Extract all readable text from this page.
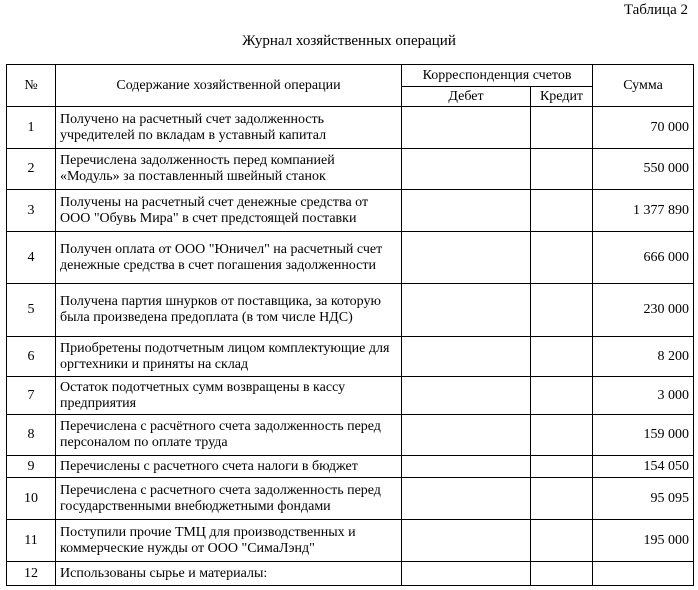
Таблица 2
Журнал хозяйственных операций
№	Содержание хозяйственной операции	Корреспонденция счетов		Сумма
		Дебет	Кредит	
1	Получено на расчетный счет задолженность учредителей по вкладам в уставный капитал			70 000
2	Перечислена задолженность перед компанией «Модуль» за поставленный швейный станок			550 000
3	Получены на расчетный счет денежные средства от ООО "Обувь Мира" в счет предстоящей поставки			1 377 890
4	Получен оплата от ООО "Юничел" на расчетный счет денежные средства в счет погашения задолженности			666 000
5	Получена партия шнурков от поставщика, за которую была произведена предоплата (в том числе НДС)			230 000
6	Приобретены подотчетным лицом комплектующие для оргтехники и приняты на склад			8 200
7	Остаток подотчетных сумм возвращены в кассу предприятия			3 000
8	Перечислена с расчётного счета задолженность перед персоналом по оплате труда			159 000
9	Перечислены с расчетного счета налоги в бюджет			154 050
10	Перечислена с расчетного счета задолженность перед государственными внебюджетными фондами			95 095
11	Поступили прочие ТМЦ для производственных и коммерческие нужды от ООО "СимаЛэнд"			195 000
12	Использованы сырье и материалы:			
